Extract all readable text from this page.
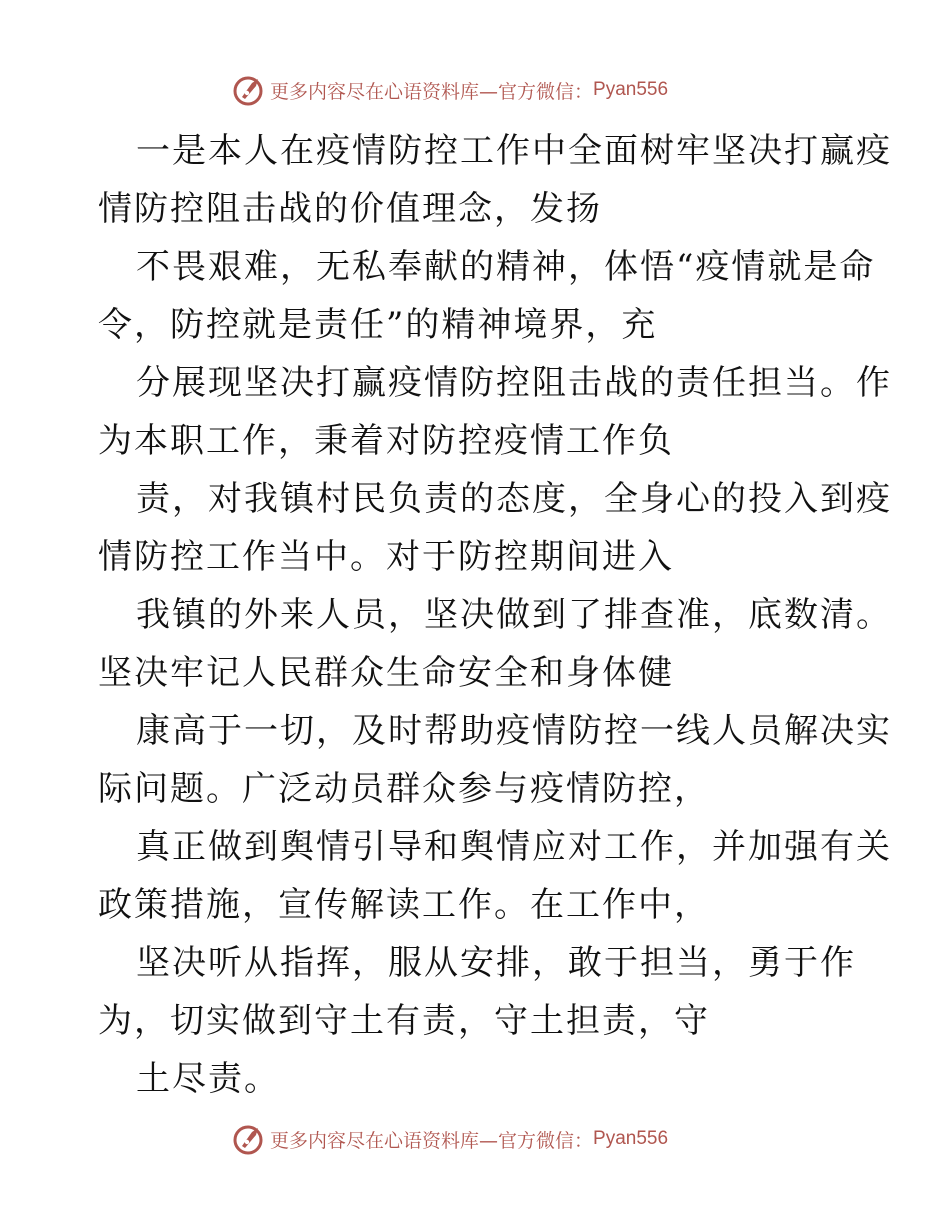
更多内容尽在心语资料库—官方微信： Pyan556
一是本人在疫情防控工作中全面树牢坚决打赢疫
情防控阻击战的价值理念，发扬
不畏艰难，无私奉献的精神，体悟“疫情就是命
令，防控就是责任”的精神境界，充
分展现坚决打赢疫情防控阻击战的责任担当。作
为本职工作，秉着对防控疫情工作负
责，对我镇村民负责的态度，全身心的投入到疫
情防控工作当中。对于防控期间进入
我镇的外来人员，坚决做到了排查准，底数清。
坚决牢记人民群众生命安全和身体健
康高于一切，及时帮助疫情防控一线人员解决实
际问题。广泛动员群众参与疫情防控，
真正做到舆情引导和舆情应对工作，并加强有关
政策措施，宣传解读工作。在工作中，
坚决听从指挥，服从安排，敢于担当，勇于作
为，切实做到守土有责，守土担责，守
土尽责。
更多内容尽在心语资料库—官方微信： Pyan556
